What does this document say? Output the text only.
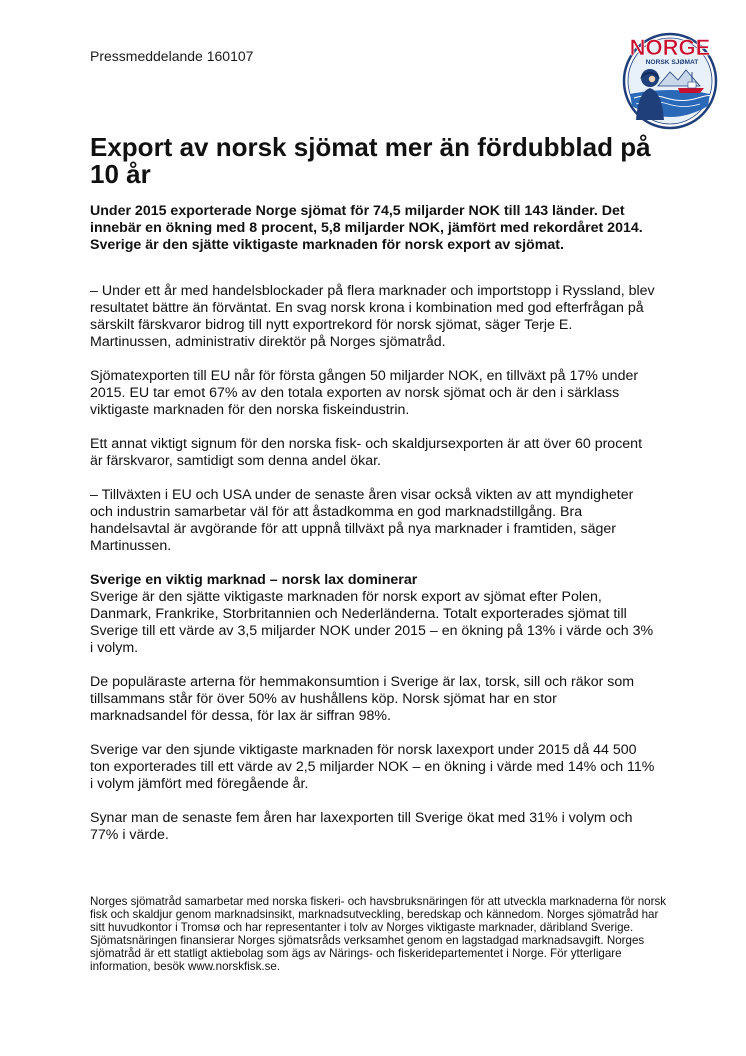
Pressmeddelande 160107	NORGE
NORSK SJØMAT
Export av norsk sjömat mer än fördubblad på 10 år

Under 2015 exporterade Norge sjömat för 74,5 miljarder NOK till 143 länder. Det innebär en ökning med 8 procent, 5,8 miljarder NOK, jämfört med rekordåret 2014. Sverige är den sjätte viktigaste marknaden för norsk export av sjömat.

– Under ett år med handelsblockader på flera marknader och importstopp i Ryssland, blev resultatet bättre än förväntat. En svag norsk krona i kombination med god efterfrågan på särskilt färskvaror bidrog till nytt exportrekord för norsk sjömat, säger Terje E. Martinussen, administrativ direktör på Norges sjömatråd.

Sjömatexporten till EU når för första gången 50 miljarder NOK, en tillväxt på 17% under 2015. EU tar emot 67% av den totala exporten av norsk sjömat och är den i särklass viktigaste marknaden för den norska fiskeindustrin.

Ett annat viktigt signum för den norska fisk- och skaldjursexporten är att över 60 procent är färskvaror, samtidigt som denna andel ökar.

– Tillväxten i EU och USA under de senaste åren visar också vikten av att myndigheter och industrin samarbetar väl för att åstadkomma en god marknadstillgång. Bra handelsavtal är avgörande för att uppnå tillväxt på nya marknader i framtiden, säger Martinussen.

Sverige en viktig marknad – norsk lax dominerar

Sverige är den sjätte viktigaste marknaden för norsk export av sjömat efter Polen, Danmark, Frankrike, Storbritannien och Nederländerna. Totalt exporterades sjömat till Sverige till ett värde av 3,5 miljarder NOK under 2015 – en ökning på 13% i värde och 3% i volym.

De populäraste arterna för hemmakonsumtion i Sverige är lax, torsk, sill och räkor som tillsammans står för över 50% av hushållens köp. Norsk sjömat har en stor marknadsandel för dessa, för lax är siffran 98%.

Sverige var den sjunde viktigaste marknaden för norsk laxexport under 2015 då 44 500 ton exporterades till ett värde av 2,5 miljarder NOK – en ökning i värde med 14% och 11% i volym jämfört med föregående år.

Synar man de senaste fem åren har laxexporten till Sverige ökat med 31% i volym och 77% i värde.

Norges sjömatråd samarbetar med norska fiskeri- och havsbruksnäringen för att utveckla marknaderna för norsk fisk och skaldjur genom marknadsinsikt, marknadsutveckling, beredskap och kännedom. Norges sjömatråd har sitt huvudkontor i Tromsø och har representanter i tolv av Norges viktigaste marknader, däribland Sverige. Sjömatsnäringen finansierar Norges sjömatsråds verksamhet genom en lagstadgad marknadsavgift. Norges sjömatråd är ett statligt aktiebolag som ägs av Närings- och fiskeridepartementet i Norge. För ytterligare information, besök www.norskfisk.se.
